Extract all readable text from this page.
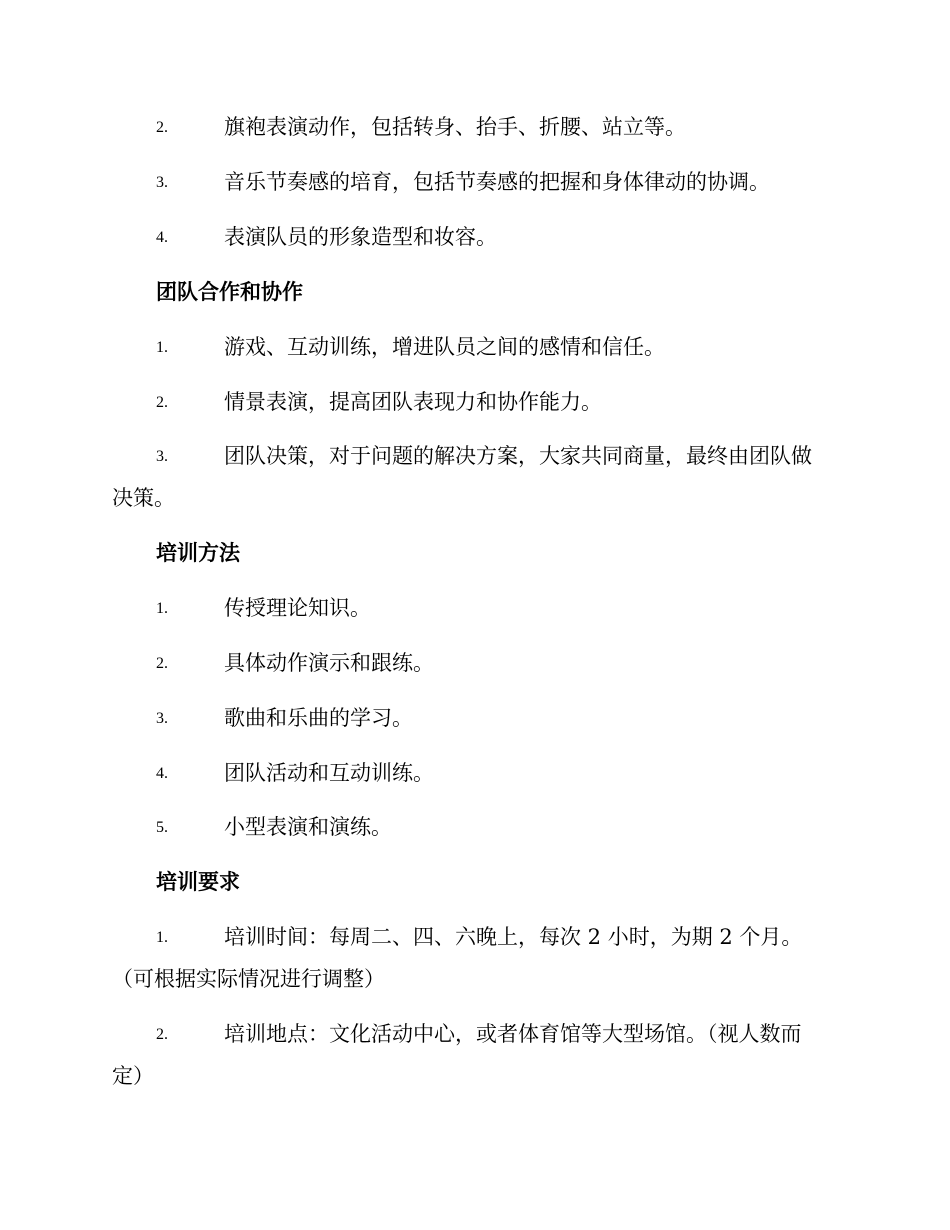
2.	旗袍表演动作，包括转身、抬手、折腰、站立等。
3.	音乐节奏感的培育，包括节奏感的把握和身体律动的协调。
4.	表演队员的形象造型和妆容。
团队合作和协作
1.	游戏、互动训练，增进队员之间的感情和信任。
2.	情景表演，提高团队表现力和协作能力。
3.	团队决策，对于问题的解决方案，大家共同商量，最终由团队做
决策。
培训方法
1.	传授理论知识。
2.	具体动作演示和跟练。
3.	歌曲和乐曲的学习。
4.	团队活动和互动训练。
5.	小型表演和演练。
培训要求
1.	培训时间：每周二、四、六晚上，每次 2 小时，为期 2 个月。
（可根据实际情况进行调整）
2.	培训地点：文化活动中心，或者体育馆等大型场馆。（视人数而
定）
